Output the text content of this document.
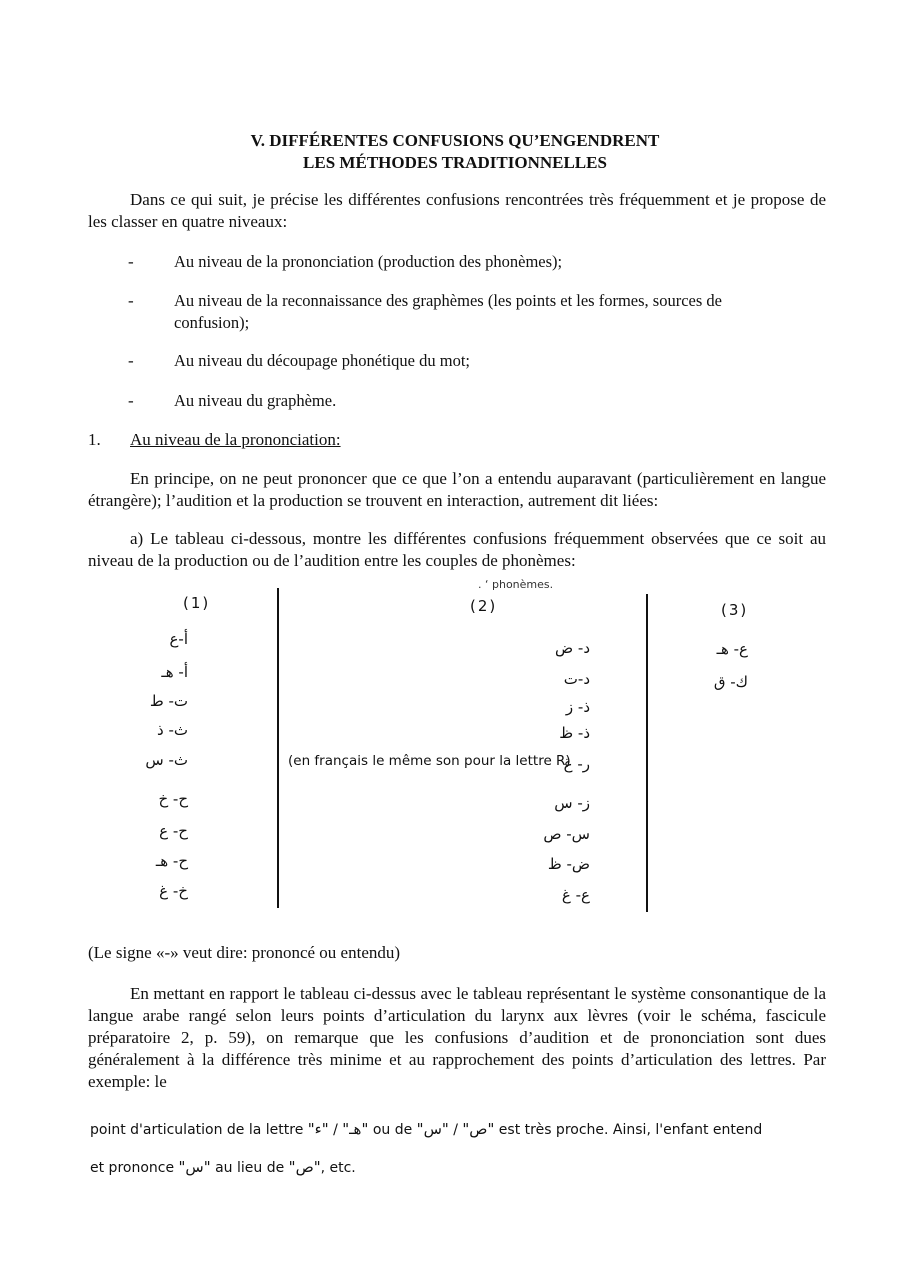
V. DIFFÉRENTES CONFUSIONS QU’ENGENDRENT
LES MÉTHODES TRADITIONNELLES
Dans ce qui suit, je précise les différentes confusions rencontrées très fréquemment et je propose de les classer en quatre niveaux:
- Au niveau de la prononciation (production des phonèmes);
- Au niveau de la reconnaissance des graphèmes (les points et les formes, sources de confusion);
- Au niveau du découpage phonétique du mot;
- Au niveau du graphème.
1. Au niveau de la prononciation:
En principe, on ne peut prononcer que ce que l’on a entendu auparavant (particulièrement en langue étrangère); l’audition et la production se trouvent en interaction, autrement dit liées:
a) Le tableau ci-dessous, montre les différentes confusions fréquemment observées que ce soit au niveau de la production ou de l’audition entre les couples de phonèmes:
. ‘ phonèmes.
(1)	(2)	(3)
أ-ع
أ- هـ
ت- ط
ث- ذ
ث- س
ح- خ
ح- ع
ح- هـ
خ- غ
د- ض
د-ت
ذ- ز
ذ- ظ
(en français le même son pour la lettre R)
ر- غ
ز- س
س- ص
ض- ظ
ع- غ
ع- هـ
ك- ق
(Le signe «-» veut dire: prononcé ou entendu)
En mettant en rapport le tableau ci-dessus avec le tableau représentant le système consonantique de la langue arabe rangé selon leurs points d’articulation du larynx aux lèvres (voir le schéma, fascicule préparatoire 2, p. 59), on remarque que les confusions d’audition et de prononciation sont dues généralement à la différence très minime et au rapprochement des points d’articulation des lettres. Par exemple: le
point d'articulation de la lettre "ء" / "هـ" ou de "س" / "ص" est très proche. Ainsi, l'enfant entend
et prononce "س" au lieu de "ص", etc.
